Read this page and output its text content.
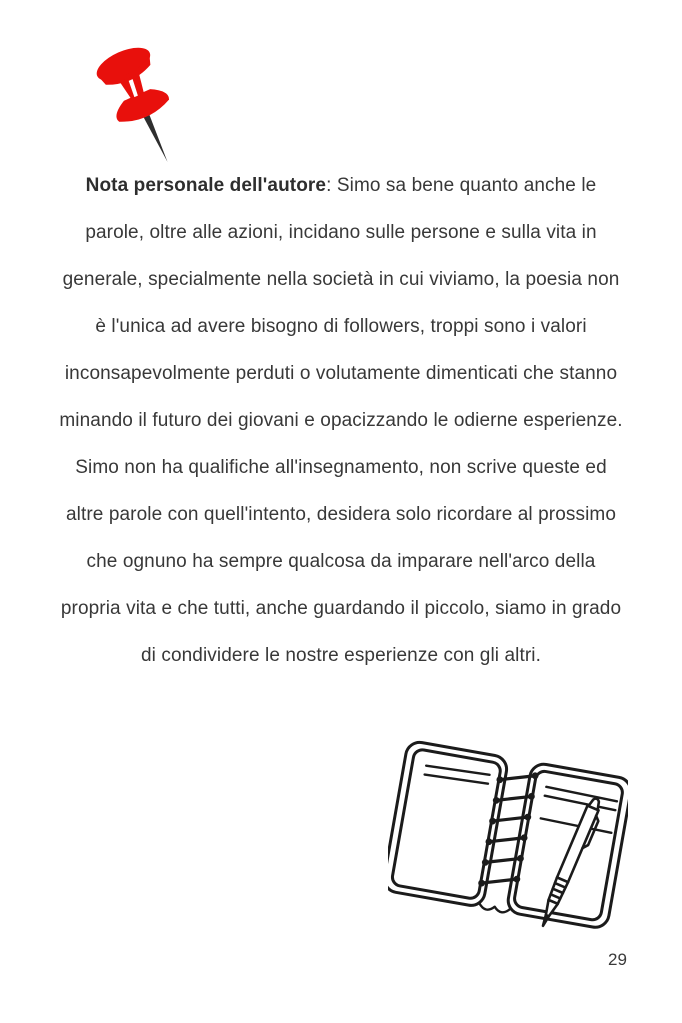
Nota personale dell'autore: Simo sa bene quanto anche le parole, oltre alle azioni, incidano sulle persone e sulla vita in generale, specialmente nella società in cui viviamo, la poesia non è l'unica ad avere bisogno di followers, troppi sono i valori inconsapevolmente perduti o volutamente dimenticati che stanno minando il futuro dei giovani e opacizzando le odierne esperienze.

Simo non ha qualifiche all'insegnamento, non scrive queste ed altre parole con quell'intento, desidera solo ricordare al prossimo che ognuno ha sempre qualcosa da imparare nell'arco della propria vita e che tutti, anche guardando il piccolo, siamo in grado di condividere le nostre esperienze con gli altri.

29
